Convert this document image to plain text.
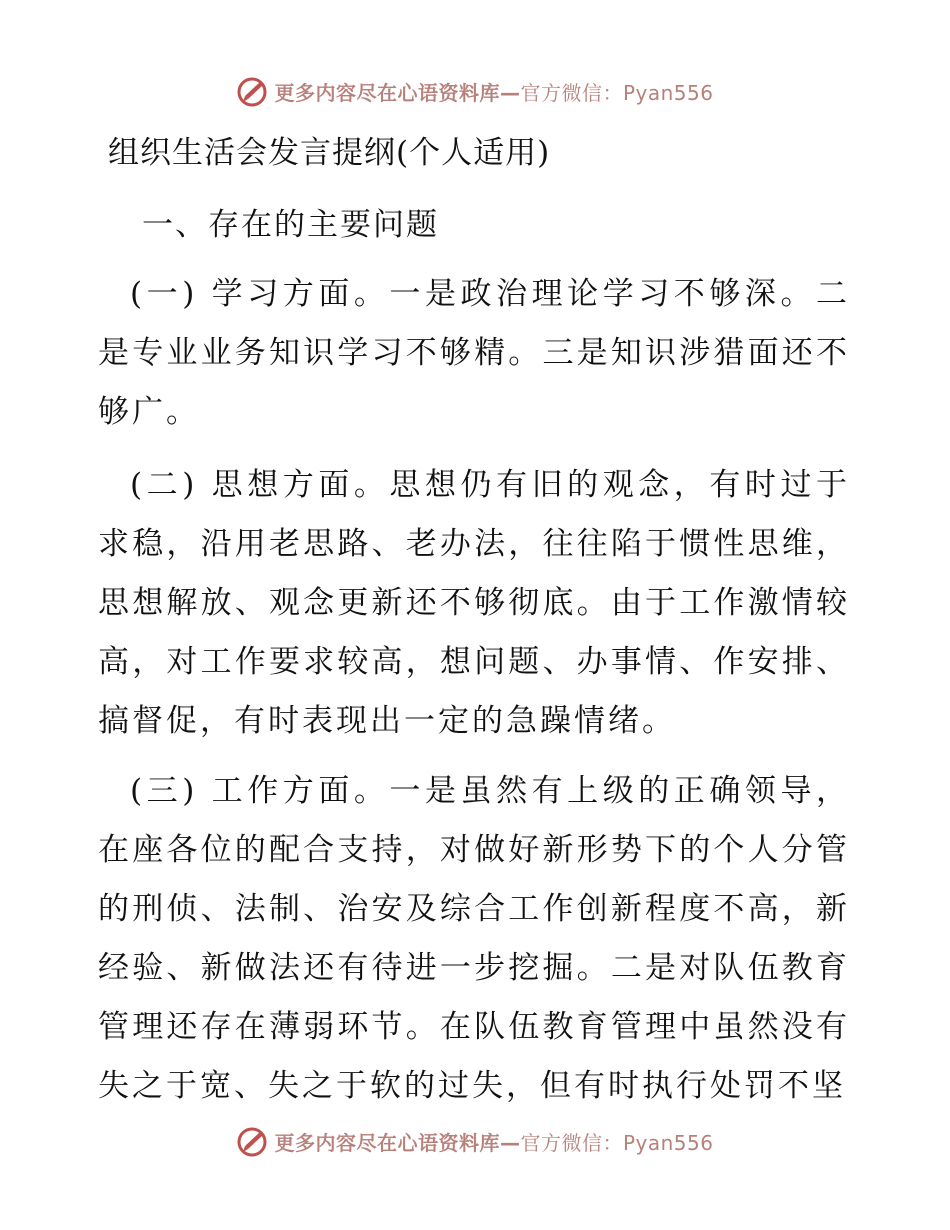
更多内容尽在心语资料库—官方微信：Pyan556
组织生活会发言提纲(个人适用)
一、存在的主要问题

(一) 学习方面。一是政治理论学习不够深。二是专业业务知识学习不够精。三是知识涉猎面还不够广。

(二) 思想方面。思想仍有旧的观念，有时过于求稳，沿用老思路、老办法，往往陷于惯性思维，思想解放、观念更新还不够彻底。由于工作激情较高，对工作要求较高，想问题、办事情、作安排、搞督促，有时表现出一定的急躁情绪。

(三) 工作方面。一是虽然有上级的正确领导，在座各位的配合支持，对做好新形势下的个人分管的刑侦、法制、治安及综合工作创新程度不高，新经验、新做法还有待进一步挖掘。二是对队伍教育管理还存在薄弱环节。在队伍教育管理中虽然没有失之于宽、失之于软的过失，但有时执行处罚不坚

更多内容尽在心语资料库—官方微信：Pyan556
